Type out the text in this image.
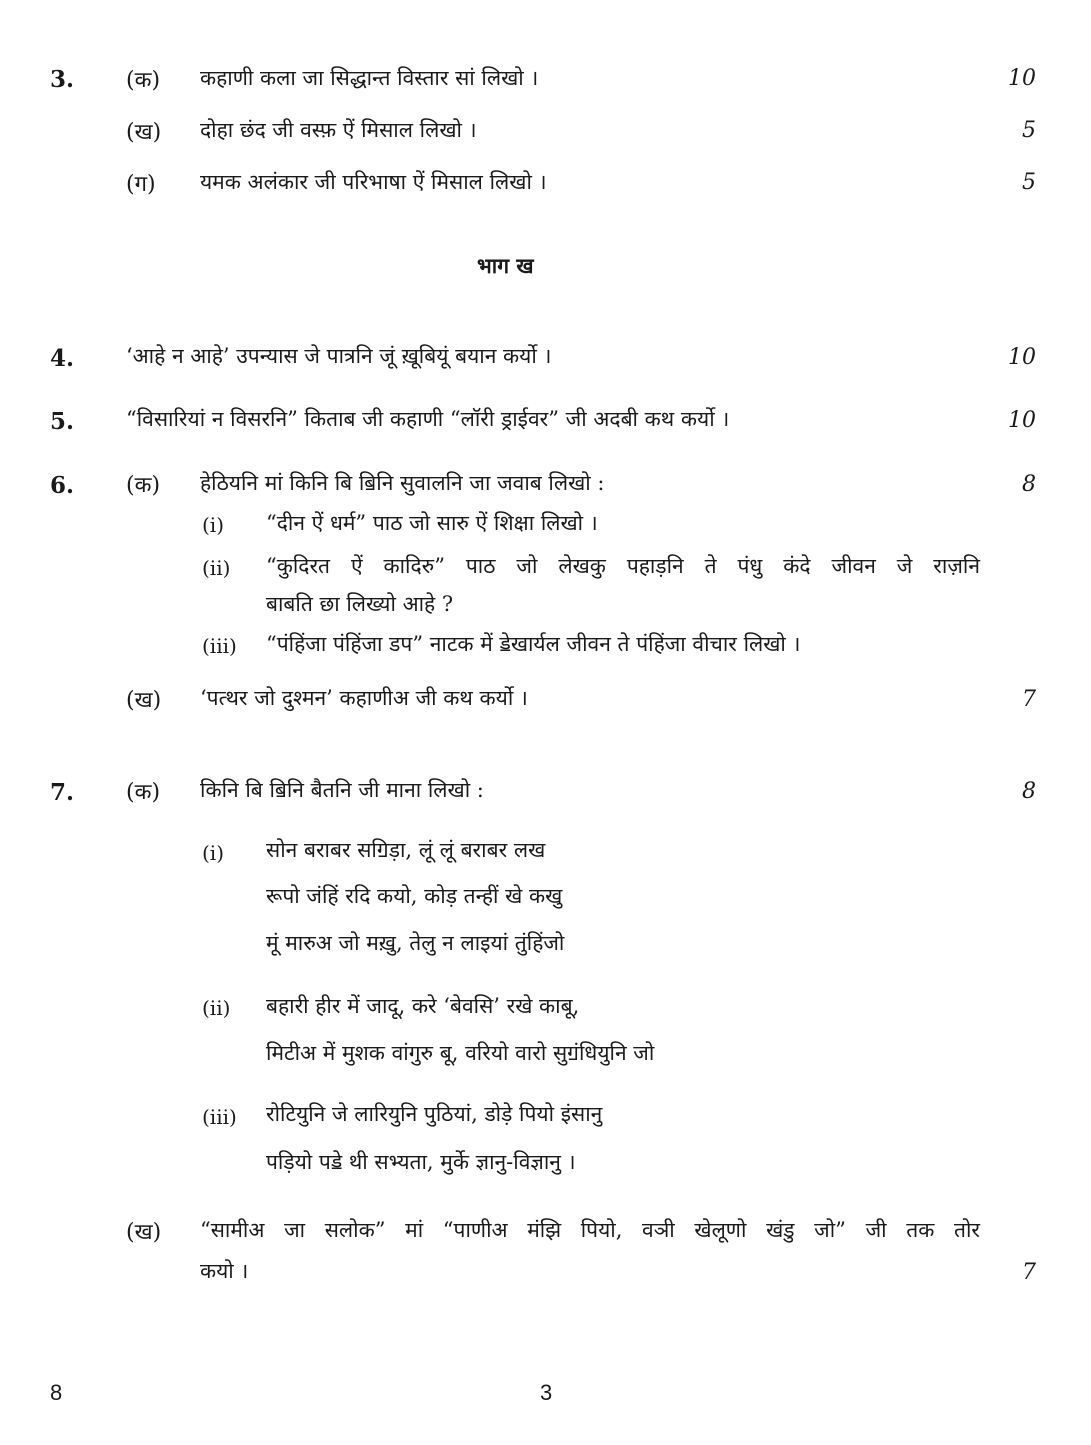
3. (क) कहाणी कला जा सिद्धान्त विस्तार सां लिखो ।	10
(ख) दोहा छंद जी वस्फ़ ऐं मिसाल लिखो ।	5
(ग) यमक अलंकार जी परिभाषा ऐं मिसाल लिखो ।	5
भाग ख
4. ‘आहे न आहे’ उपन्यास जे पात्रनि जूं ख़ूबियूं बयान कर्यो ।	10
5. “विसारियां न विसरनि” किताब जी कहाणी “लॉरी ड्राईवर” जी अदबी कथ कर्यो ।	10
6. (क) हेठियनि मां किनि बि ॿिनि सुवालनि जा जवाब लिखो :	8
(i) “दीन ऐं धर्म” पाठ जो सारु ऐं शिक्षा लिखो ।
(ii) “कुदिरत ऐं कादिरु” पाठ जो लेखकु पहाड़नि ते पंधु कंदे जीवन जे राज़नि
बाबति छा लिख्यो आहे ?
(iii) “पंहिंजा पंहिंजा डप” नाटक में ॾेखार्यल जीवन ते पंहिंजा वीचार लिखो ।
(ख) ‘पत्थर जो दुश्मन’ कहाणीअ जी कथ कर्यो ।	7
7. (क) किनि बि ॿिनि बैतनि जी माना लिखो :	8
(i) सोन बराबर सॻिड़ा, लूं लूं बराबर लख
रूपो जंहिं रदि कयो, कोड़ तन्हीं खे कखु
मूं मारुअ जो मख़ु, तेलु न लाइयां तुंहिंजो
(ii) बहारी हीर में जादू, करे ‘बेवसि’ रखे काबू,
मिटीअ में मुशक वांगुरु बू, वरियो वारो सुॻंधियुनि जो
(iii) रोटियुनि जे लारियुनि पुठियां, डोड़े पियो इंसानु
पड़ियो पॾे थी सभ्यता, मुर्के ज्ञानु-विज्ञानु ।
(ख) “सामीअ जा सलोक” मां “पाणीअ मंझि पियो, वञी खेलूणो खंडु जो” जी तक तोर
कयो ।	7
8	3
